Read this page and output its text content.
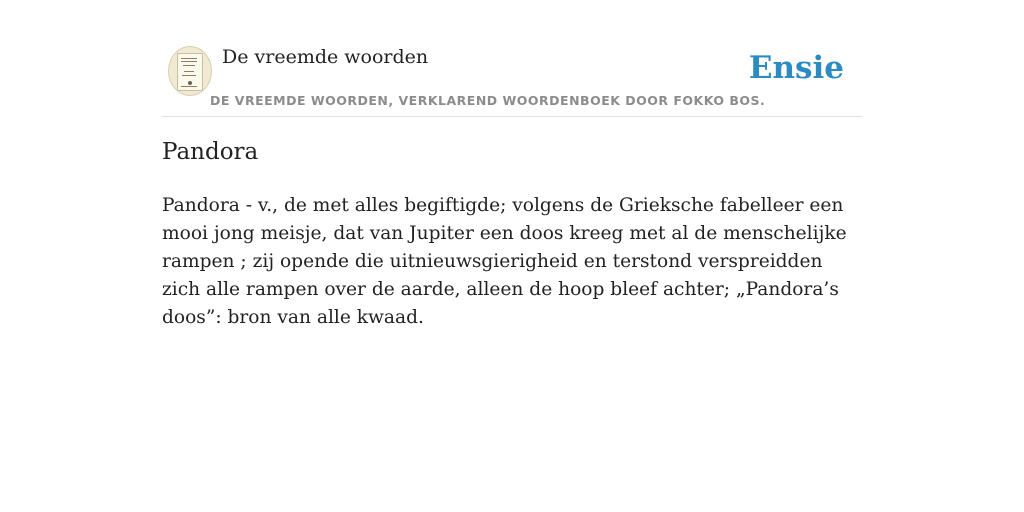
De vreemde woorden
DE VREEMDE WOORDEN, VERKLAREND WOORDENBOEK DOOR FOKKO BOS.
Ensie
Pandora

Pandora - v., de met alles begiftigde; volgens de Grieksche fabelleer een mooi jong meisje, dat van Jupiter een doos kreeg met al de menschelijke rampen ; zij opende die uitnieuwsgierigheid en terstond verspreidden zich alle rampen over de aarde, alleen de hoop bleef achter; „Pandora’s doos”: bron van alle kwaad.
